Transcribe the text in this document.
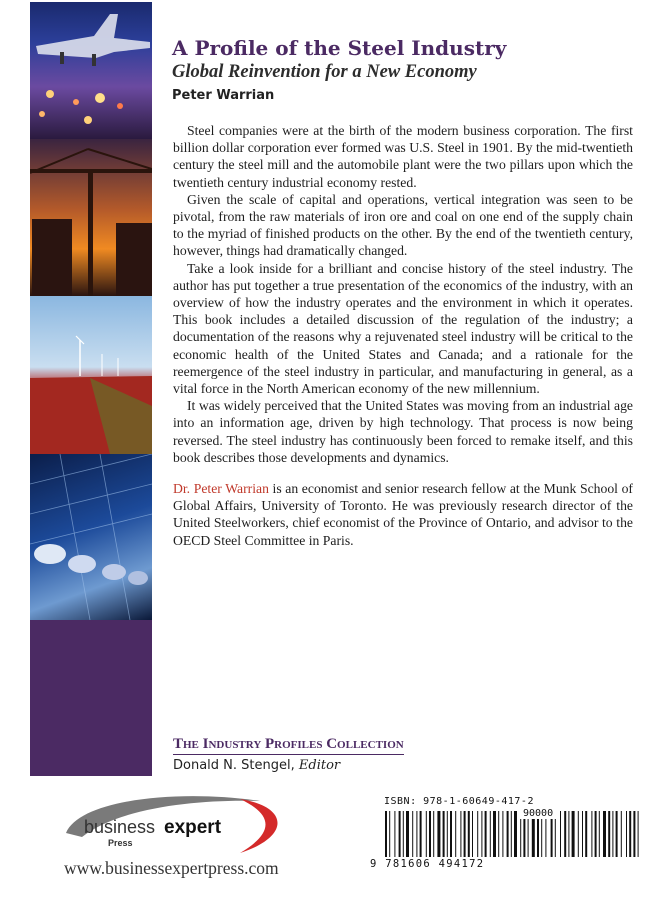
A Profile of the Steel Industry
Global Reinvention for a New Economy
Peter Warrian

Steel companies were at the birth of the modern business corporation. The first billion dollar corporation ever formed was U.S. Steel in 1901. By the mid-twentieth century the steel mill and the automobile plant were the two pillars upon which the twentieth century industrial economy rested.

Given the scale of capital and operations, vertical integration was seen to be pivotal, from the raw materials of iron ore and coal on one end of the supply chain to the myriad of finished products on the other. By the end of the twentieth century, however, things had dramatically changed.

Take a look inside for a brilliant and concise history of the steel industry. The author has put together a true presentation of the economics of the industry, with an overview of how the industry operates and the environment in which it operates. This book includes a detailed discussion of the regulation of the industry; a documentation of the reasons why a rejuvenated steel industry will be critical to the economic health of the United States and Canada; and a rationale for the reemergence of the steel industry in particular, and manufacturing in general, as a vital force in the North American economy of the new millennium.

It was widely perceived that the United States was moving from an industrial age into an information age, driven by high technology. That process is now being reversed. The steel industry has continuously been forced to remake itself, and this book describes those developments and dynamics.

Dr. Peter Warrian is an economist and senior research fellow at the Munk School of Global Affairs, University of Toronto. He was previously research director of the United Steelworkers, chief economist of the Province of Ontario, and advisor to the OECD Steel Committee in Paris.

The Industry Profiles Collection
Donald N. Stengel, Editor
business expert
Press
www.businessexpertpress.com
ISBN: 978-1-60649-417-2
90000
9 781606 494172
